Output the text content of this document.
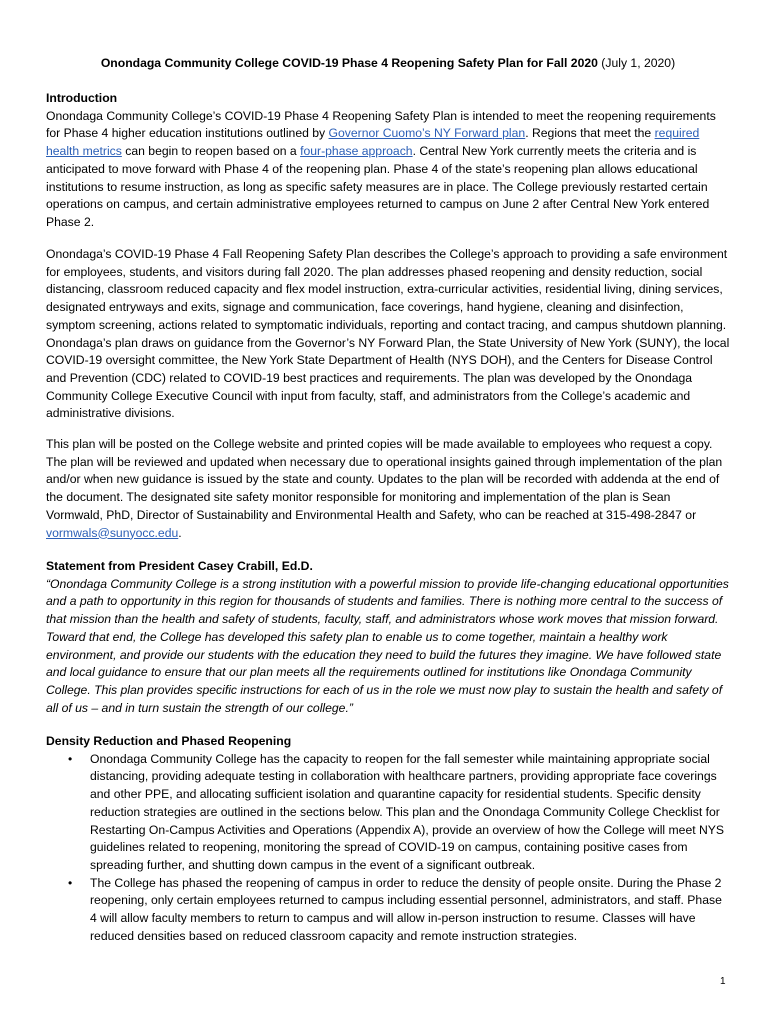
Onondaga Community College COVID-19 Phase 4 Reopening Safety Plan for Fall 2020 (July 1, 2020)
Introduction

Onondaga Community College’s COVID-19 Phase 4 Reopening Safety Plan is intended to meet the reopening requirements for Phase 4 higher education institutions outlined by Governor Cuomo’s NY Forward plan. Regions that meet the required health metrics can begin to reopen based on a four-phase approach. Central New York currently meets the criteria and is anticipated to move forward with Phase 4 of the reopening plan. Phase 4 of the state’s reopening plan allows educational institutions to resume instruction, as long as specific safety measures are in place. The College previously restarted certain operations on campus, and certain administrative employees returned to campus on June 2 after Central New York entered Phase 2.

Onondaga’s COVID-19 Phase 4 Fall Reopening Safety Plan describes the College’s approach to providing a safe environment for employees, students, and visitors during fall 2020. The plan addresses phased reopening and density reduction, social distancing, classroom reduced capacity and flex model instruction, extra-curricular activities, residential living, dining services, designated entryways and exits, signage and communication, face coverings, hand hygiene, cleaning and disinfection, symptom screening, actions related to symptomatic individuals, reporting and contact tracing, and campus shutdown planning. Onondaga’s plan draws on guidance from the Governor’s NY Forward Plan, the State University of New York (SUNY), the local COVID-19 oversight committee, the New York State Department of Health (NYS DOH), and the Centers for Disease Control and Prevention (CDC) related to COVID-19 best practices and requirements. The plan was developed by the Onondaga Community College Executive Council with input from faculty, staff, and administrators from the College’s academic and administrative divisions.

This plan will be posted on the College website and printed copies will be made available to employees who request a copy. The plan will be reviewed and updated when necessary due to operational insights gained through implementation of the plan and/or when new guidance is issued by the state and county. Updates to the plan will be recorded with addenda at the end of the document. The designated site safety monitor responsible for monitoring and implementation of the plan is Sean Vormwald, PhD, Director of Sustainability and Environmental Health and Safety, who can be reached at 315-498-2847 or vormwals@sunyocc.edu.

Statement from President Casey Crabill, Ed.D.

“Onondaga Community College is a strong institution with a powerful mission to provide life-changing educational opportunities and a path to opportunity in this region for thousands of students and families. There is nothing more central to the success of that mission than the health and safety of students, faculty, staff, and administrators whose work moves that mission forward. Toward that end, the College has developed this safety plan to enable us to come together, maintain a healthy work environment, and provide our students with the education they need to build the futures they imagine. We have followed state and local guidance to ensure that our plan meets all the requirements outlined for institutions like Onondaga Community College. This plan provides specific instructions for each of us in the role we must now play to sustain the health and safety of all of us – and in turn sustain the strength of our college.”

Density Reduction and Phased Reopening
• Onondaga Community College has the capacity to reopen for the fall semester while maintaining appropriate social distancing, providing adequate testing in collaboration with healthcare partners, providing appropriate face coverings and other PPE, and allocating sufficient isolation and quarantine capacity for residential students. Specific density reduction strategies are outlined in the sections below. This plan and the Onondaga Community College Checklist for Restarting On-Campus Activities and Operations (Appendix A), provide an overview of how the College will meet NYS guidelines related to reopening, monitoring the spread of COVID-19 on campus, containing positive cases from spreading further, and shutting down campus in the event of a significant outbreak.
• The College has phased the reopening of campus in order to reduce the density of people onsite. During the Phase 2 reopening, only certain employees returned to campus including essential personnel, administrators, and staff. Phase 4 will allow faculty members to return to campus and will allow in-person instruction to resume. Classes will have reduced densities based on reduced classroom capacity and remote instruction strategies.
1
